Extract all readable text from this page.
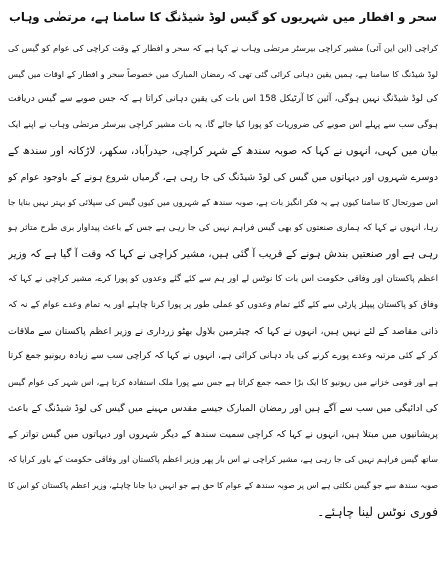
سحر و افطار میں شہریوں کو گیس لوڈ شیڈنگ کا سامنا ہے، مرتضٰی وہاب
کراچی (این این آئی) مشیر کراچی بیرسٹر مرتضٰی وہاب نے کہا ہے کہ سحر و افطار کے وقت کراچی کی عوام کو گیس کی
لوڈ شیڈنگ کا سامنا ہے، ہمیں یقین دہانی کرائی گئی تھی کہ رمضان المبارک میں خصوصاً سحر و افطار کے اوقات میں گیس
کی لوڈ شیڈنگ نہیں ہوگی، آئین کا آرٹیکل 158 اس بات کی یقین دہانی کراتا ہے کہ جس صوبے سے گیس دریافت
ہوگی سب سے پہلے اس صوبے کی ضروریات کو پورا کیا جائے گا، یہ بات مشیر کراچی بیرسٹر مرتضٰی وہاب نے اپنے ایک
بیان میں کہی، انہوں نے کہا کہ صوبہ سندھ کے شہر کراچی، حیدرآباد، سکھر، لاڑکانہ اور سندھ کے
دوسرے شہروں اور دیہاتوں میں گیس کی لوڈ شیڈنگ کی جا رہی ہے، گرمیاں شروع ہونے کے باوجود عوام کو
اس صورتحال کا سامنا کیوں ہے یہ فکر انگیز بات ہے، صوبہ سندھ کے شہروں میں کیوں گیس کی سپلائی کو بہتر نہیں بنایا جا
رہا، انہوں نے کہا کہ ہماری صنعتوں کو بھی گیس فراہم نہیں کی جا رہی ہے جس کے باعث پیداوار بری طرح متاثر ہو
رہی ہے اور صنعتیں بندش ہونے کے قریب آ گئی ہیں، مشیر کراچی نے کہا کہ وقت آ گیا ہے کہ وزیر
اعظم پاکستان اور وفاقی حکومت اس بات کا نوٹس لے اور ہم سے کئے گئے وعدوں کو پورا کرے، مشیر کراچی نے کہا کہ
وفاق کو پاکستان پیپلز پارٹی سے کئے گئے تمام وعدوں کو عملی طور پر پورا کرنا چاہئے اور یہ تمام وعدے عوام کے نہ کہ
ذاتی مقاصد کے لئے نہیں ہیں، انہوں نے کہا کہ چیئرمین بلاول بھٹو زرداری نے وزیر اعظم پاکستان سے ملاقات
کر کے کئی مرتبہ وعدے پورے کرنے کی یاد دہانی کرائی ہے، انہوں نے کہا کہ کراچی سب سے زیادہ ریونیو جمع کرتا
ہے اور قومی خزانے میں ریونیو کا ایک بڑا حصہ جمع کراتا ہے جس سے پورا ملک استفادہ کرتا ہے، اس شہر کی عوام گیس
کی ادائیگی میں سب سے آگے ہیں اور رمضان المبارک جیسے مقدس مہینے میں گیس کی لوڈ شیڈنگ کے باعث
پریشانیوں میں مبتلا ہیں، انہوں نے کہا کہ کراچی سمیت سندھ کے دیگر شہروں اور دیہاتوں میں گیس تواتر کے
ساتھ گیس فراہم نہیں کی جا رہی ہے، مشیر کراچی نے اس بار پھر وزیر اعظم پاکستان اور وفاقی حکومت کے باور کرایا کہ
صوبہ سندھ سے جو گیس نکلتی ہے اس پر صوبہ سندھ کے عوام کا حق ہے جو انہیں دیا جانا چاہئے، وزیر اعظم پاکستان کو اس کا
فوری نوٹس لینا چاہئے۔
